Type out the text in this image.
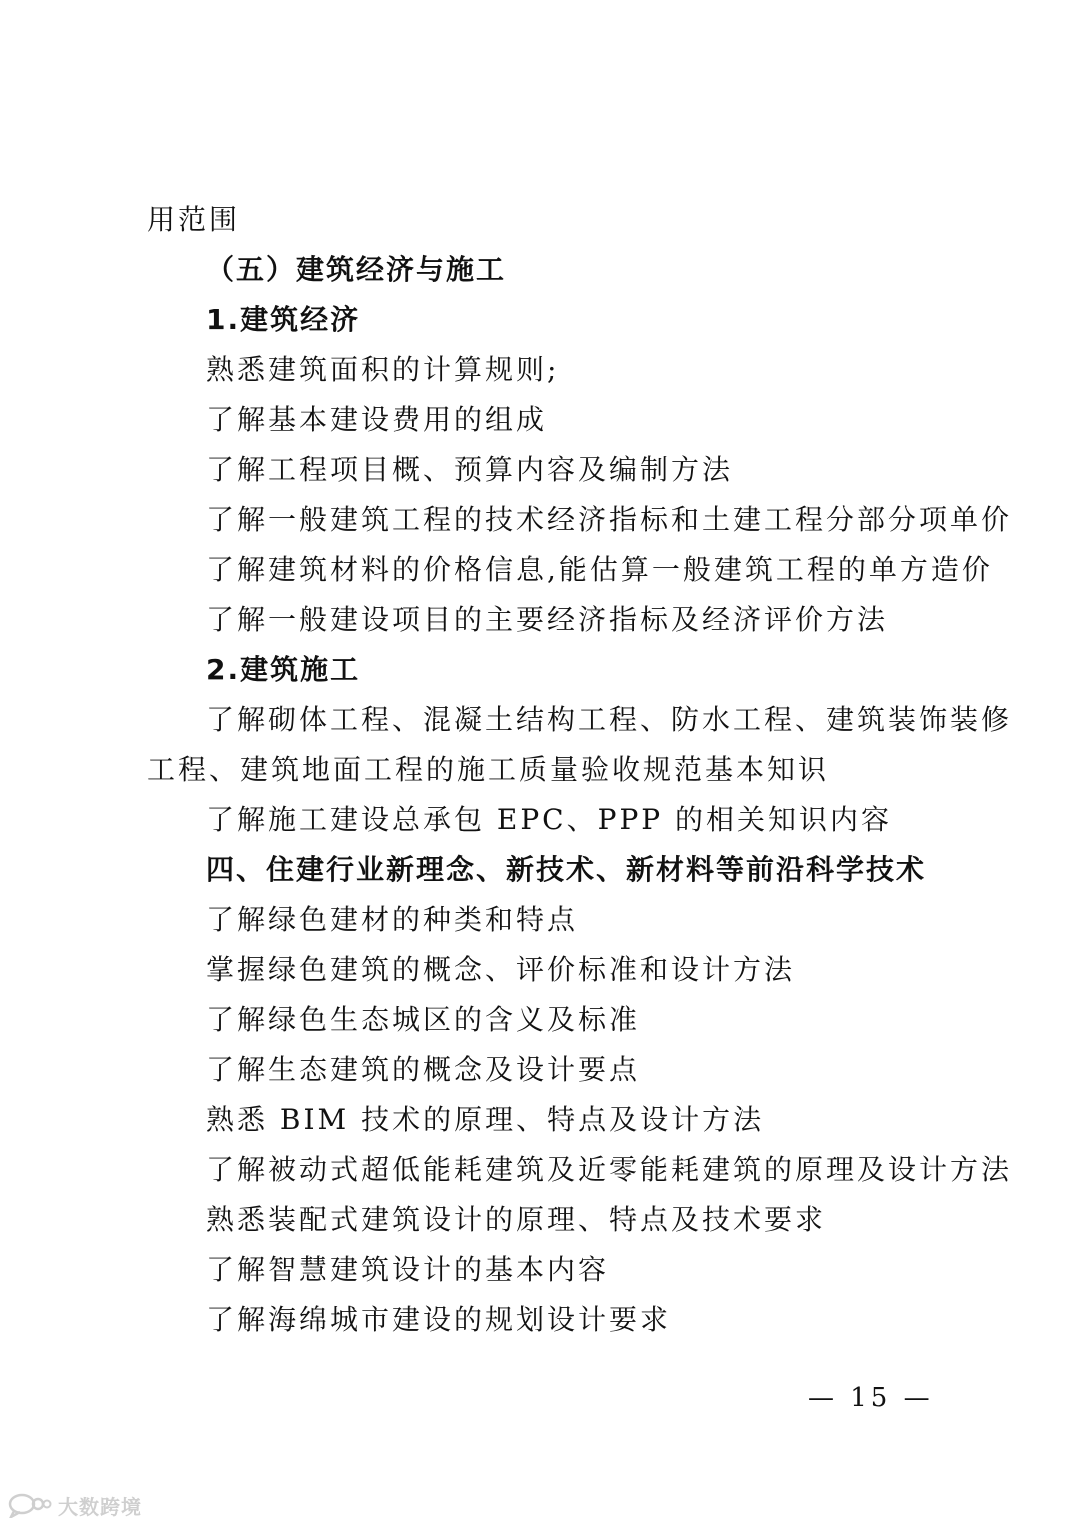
用范围
（五）建筑经济与施工
1.建筑经济
熟悉建筑面积的计算规则;
了解基本建设费用的组成
了解工程项目概、预算内容及编制方法
了解一般建筑工程的技术经济指标和土建工程分部分项单价
了解建筑材料的价格信息,能估算一般建筑工程的单方造价
了解一般建设项目的主要经济指标及经济评价方法
2.建筑施工
了解砌体工程、混凝土结构工程、防水工程、建筑装饰装修
工程、建筑地面工程的施工质量验收规范基本知识
了解施工建设总承包 EPC、PPP 的相关知识内容
四、住建行业新理念、新技术、新材料等前沿科学技术
了解绿色建材的种类和特点
掌握绿色建筑的概念、评价标准和设计方法
了解绿色生态城区的含义及标准
了解生态建筑的概念及设计要点
熟悉 BIM 技术的原理、特点及设计方法
了解被动式超低能耗建筑及近零能耗建筑的原理及设计方法
熟悉装配式建筑设计的原理、特点及技术要求
了解智慧建筑设计的基本内容
了解海绵城市建设的规划设计要求
— 15 —
大数跨境
